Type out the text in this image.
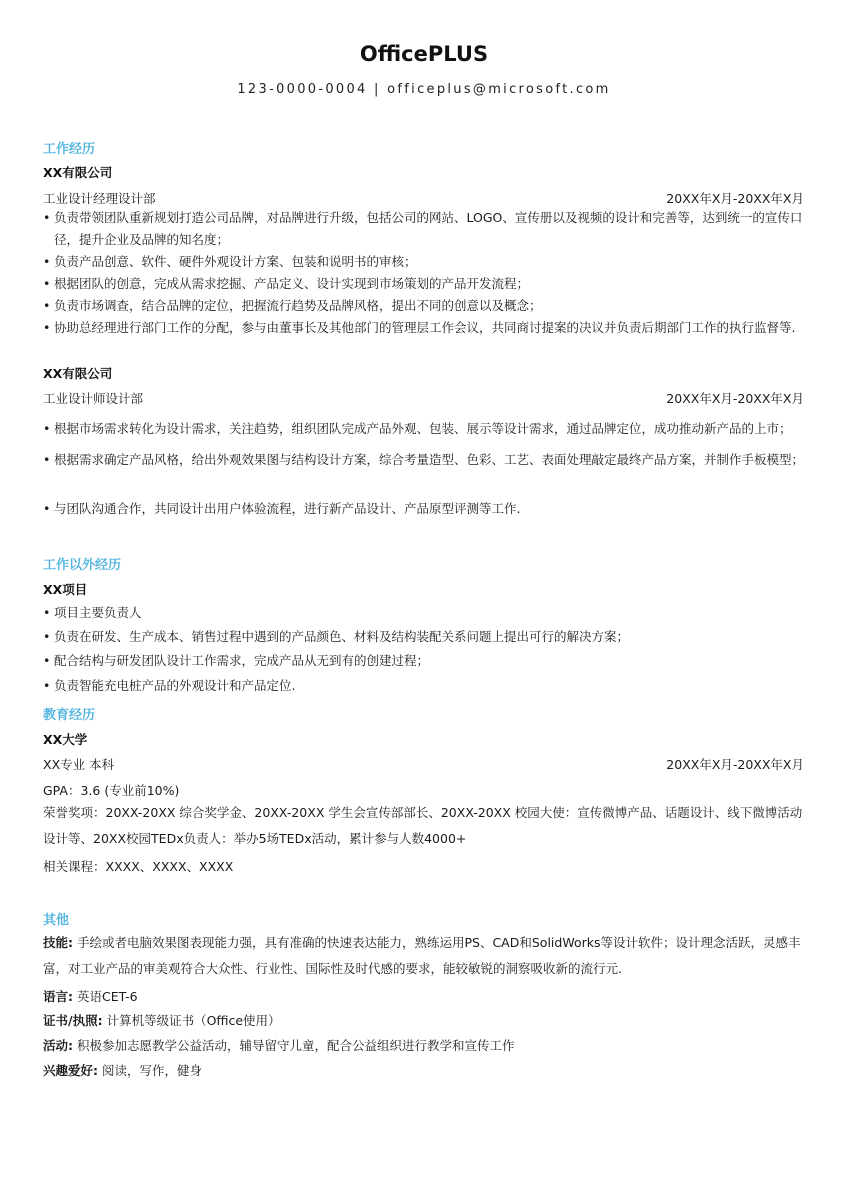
OfficePLUS
123-0000-0004 | officeplus@microsoft.com
工作经历
XX有限公司
工业设计经理设计部	20XX年X月-20XX年X月
• 负责带领团队重新规划打造公司品牌，对品牌进行升级，包括公司的网站、LOGO、宣传册以及视频的设计和完善等，达到统一的宣传口径，提升企业及品牌的知名度；
• 负责产品创意、软件、硬件外观设计方案、包装和说明书的审核；
• 根据团队的创意，完成从需求挖掘、产品定义、设计实现到市场策划的产品开发流程；
• 负责市场调查，结合品牌的定位，把握流行趋势及品牌风格，提出不同的创意以及概念；
• 协助总经理进行部门工作的分配，参与由董事长及其他部门的管理层工作会议，共同商讨提案的决议并负责后期部门工作的执行监督等.
XX有限公司
工业设计师设计部	20XX年X月-20XX年X月
• 根据市场需求转化为设计需求，关注趋势，组织团队完成产品外观、包装、展示等设计需求，通过品牌定位，成功推动新产品的上市；
• 根据需求确定产品风格，给出外观效果图与结构设计方案，综合考量造型、色彩、工艺、表面处理敲定最终产品方案，并制作手板模型；
• 与团队沟通合作，共同设计出用户体验流程，进行新产品设计、产品原型评测等工作.
工作以外经历
XX项目
• 项目主要负责人
• 负责在研发、生产成本、销售过程中遇到的产品颜色、材料及结构装配关系问题上提出可行的解决方案；
• 配合结构与研发团队设计工作需求，完成产品从无到有的创建过程；
• 负责智能充电桩产品的外观设计和产品定位.
教育经历
XX大学
XX专业 本科	20XX年X月-20XX年X月
GPA：3.6 (专业前10%)
荣誉奖项：20XX-20XX 综合奖学金、20XX-20XX 学生会宣传部部长、20XX-20XX 校园大使：宣传微博产品、话题设计、线下微博活动设计等、20XX校园TEDx负责人：举办5场TEDx活动，累计参与人数4000+
相关课程：XXXX、XXXX、XXXX
其他
技能: 手绘或者电脑效果图表现能力强，具有准确的快速表达能力，熟练运用PS、CAD和SolidWorks等设计软件；设计理念活跃，灵感丰富，对工业产品的审美观符合大众性、行业性、国际性及时代感的要求，能较敏锐的洞察吸收新的流行元.
语言: 英语CET-6
证书/执照: 计算机等级证书（Office使用）
活动: 积极参加志愿教学公益活动，辅导留守儿童，配合公益组织进行教学和宣传工作
兴趣爱好: 阅读，写作，健身
